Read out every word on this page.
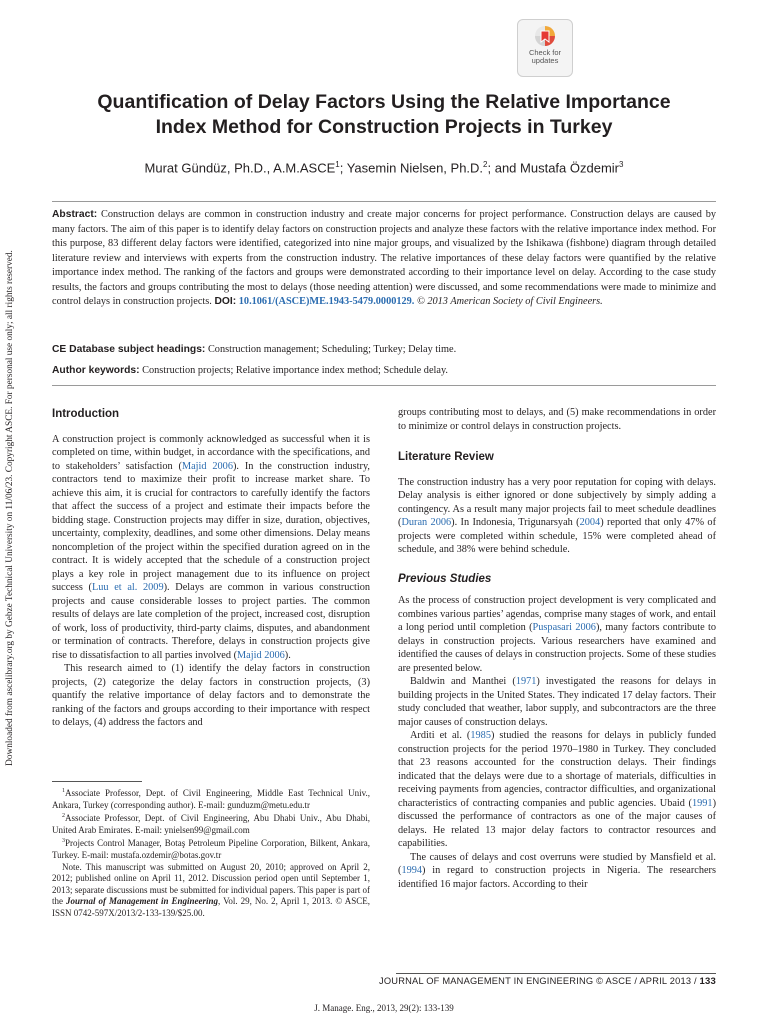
Check for
updates
Downloaded from ascelibrary.org by Gebze Technical University on 11/06/23. Copyright ASCE. For personal use only; all rights reserved.
Quantification of Delay Factors Using the Relative Importance
Index Method for Construction Projects in Turkey
Murat Gündüz, Ph.D., A.M.ASCE$^1$; Yasemin Nielsen, Ph.D.$^2$; and Mustafa Özdemir$^3$
Abstract: Construction delays are common in construction industry and create major concerns for project performance. Construction delays are caused by many factors. The aim of this paper is to identify delay factors on construction projects and analyze these factors with the relative importance index method. For this purpose, 83 different delay factors were identified, categorized into nine major groups, and visualized by the Ishikawa (fishbone) diagram through detailed literature review and interviews with experts from the construction industry. The relative importances of these delay factors were quantified by the relative importance index method. The ranking of the factors and groups were demonstrated according to their importance level on delay. According to the case study results, the factors and groups contributing the most to delays (those needing attention) were discussed, and some recommendations were made to minimize and control delays in construction projects. DOI: 10.1061/(ASCE)ME.1943-5479.0000129. © 2013 American Society of Civil Engineers.
CE Database subject headings: Construction management; Scheduling; Turkey; Delay time.
Author keywords: Construction projects; Relative importance index method; Schedule delay.
Introduction

A construction project is commonly acknowledged as successful when it is completed on time, within budget, in accordance with the specifications, and to stakeholders’ satisfaction (Majid 2006). In the construction industry, contractors tend to maximize their profit to increase market share. To achieve this aim, it is crucial for contractors to carefully identify the factors that affect the success of a project and estimate their impacts before the bidding stage. Construction projects may differ in size, duration, objectives, uncertainty, complexity, deadlines, and some other dimensions. Delay means noncompletion of the project within the specified duration agreed on in the contract. It is widely accepted that the schedule of a construction project plays a key role in project management due to its influence on project success (Luu et al. 2009). Delays are common in various construction projects and cause considerable losses to project parties. The common results of delays are late completion of the project, increased cost, disruption of work, loss of productivity, third-party claims, disputes, and abandonment or termination of contracts. Therefore, delays in construction projects give rise to dissatisfaction to all parties involved (Majid 2006).

This research aimed to (1) identify the delay factors in construction projects, (2) categorize the delay factors in construction projects, (3) quantify the relative importance of delay factors and to demonstrate the ranking of the factors and groups according to their importance with respect to delays, (4) address the factors and

$^1$Associate Professor, Dept. of Civil Engineering, Middle East Technical Univ., Ankara, Turkey (corresponding author). E-mail: gunduzm@metu.edu.tr

$^2$Associate Professor, Dept. of Civil Engineering, Abu Dhabi Univ., Abu Dhabi, United Arab Emirates. E-mail: ynielsen99@gmail.com

$^3$Projects Control Manager, Botaş Petroleum Pipeline Corporation, Bilkent, Ankara, Turkey. E-mail: mustafa.ozdemir@botas.gov.tr

Note. This manuscript was submitted on August 20, 2010; approved on April 2, 2012; published online on April 11, 2012. Discussion period open until September 1, 2013; separate discussions must be submitted for individual papers. This paper is part of the Journal of Management in Engineering, Vol. 29, No. 2, April 1, 2013. © ASCE, ISSN 0742-597X/2013/2-133-139/$25.00.

groups contributing most to delays, and (5) make recommendations in order to minimize or control delays in construction projects.

Literature Review

The construction industry has a very poor reputation for coping with delays. Delay analysis is either ignored or done subjectively by simply adding a contingency. As a result many major projects fail to meet schedule deadlines (Duran 2006). In Indonesia, Trigunarsyah (2004) reported that only 47% of projects were completed within schedule, 15% were completed ahead of schedule, and 38% were behind schedule.

Previous Studies

As the process of construction project development is very complicated and combines various parties’ agendas, comprise many stages of work, and entail a long period until completion (Puspasari 2006), many factors contribute to delays in construction projects. Various researchers have examined and identified the causes of delays in construction projects. Some of these studies are presented below.

Baldwin and Manthei (1971) investigated the reasons for delays in building projects in the United States. They indicated 17 delay factors. Their study concluded that weather, labor supply, and subcontractors are the three major causes of construction delays.

Arditi et al. (1985) studied the reasons for delays in publicly funded construction projects for the period 1970–1980 in Turkey. They concluded that 23 reasons accounted for the construction delays. Their findings indicated that the delays were due to a shortage of materials, difficulties in receiving payments from agencies, contractor difficulties, and organizational characteristics of contracting companies and public agencies. Ubaid (1991) discussed the performance of contractors as one of the major causes of delays. He related 13 major delay factors to contractor resources and capabilities.

The causes of delays and cost overruns were studied by Mansfield et al. (1994) in regard to construction projects in Nigeria. The researchers identified 16 major factors. According to their

JOURNAL OF MANAGEMENT IN ENGINEERING © ASCE / APRIL 2013 / 133
J. Manage. Eng., 2013, 29(2): 133-139
